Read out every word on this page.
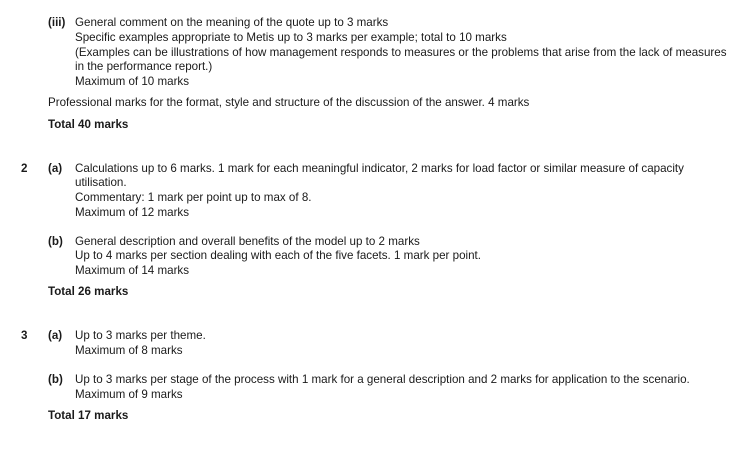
(iii) General comment on the meaning of the quote up to 3 marks
Specific examples appropriate to Metis up to 3 marks per example; total to 10 marks
(Examples can be illustrations of how management responds to measures or the problems that arise from the lack of measures
in the performance report.)
Maximum of 10 marks
Professional marks for the format, style and structure of the discussion of the answer. 4 marks
Total 40 marks
2 (a) Calculations up to 6 marks. 1 mark for each meaningful indicator, 2 marks for load factor or similar measure of capacity
utilisation.
Commentary: 1 mark per point up to max of 8.
Maximum of 12 marks
(b) General description and overall benefits of the model up to 2 marks
Up to 4 marks per section dealing with each of the five facets. 1 mark per point.
Maximum of 14 marks
Total 26 marks
3 (a) Up to 3 marks per theme.
Maximum of 8 marks
(b) Up to 3 marks per stage of the process with 1 mark for a general description and 2 marks for application to the scenario.
Maximum of 9 marks
Total 17 marks
